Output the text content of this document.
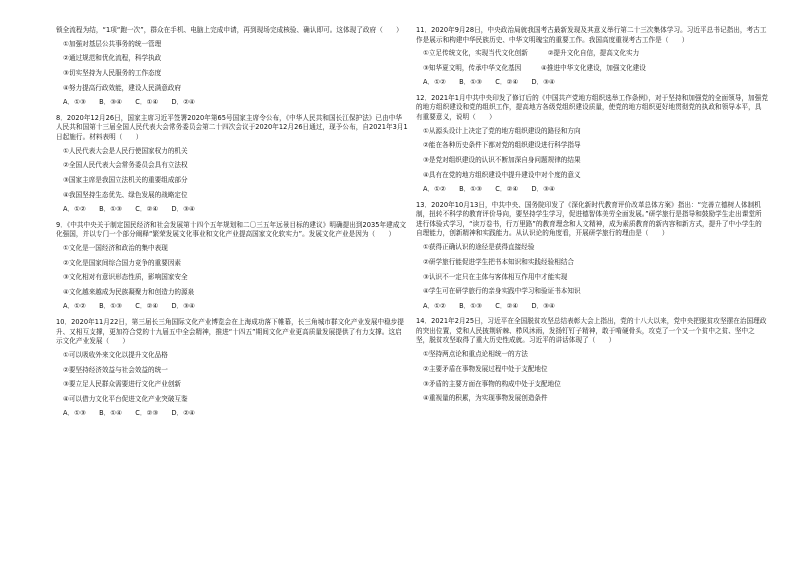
锁全流程为结，“1项“跑一次”，群众在手机、电脑上完成申请，再到现场完成核验、确认即可。这体现了政府（　　）

①加强对基层公共事务的统一管理

②通过规范和优化流程，科学执政

③切实坚持为人民服务的工作态度

④努力提高行政效能，建设人民满意政府

A．①③　　B．③④　　C．①④　　D．②④

8．2020年12月26日，国家主席习近平签署2020年第65号国家主席令公布，《中华人民共和国长江保护法》已由中华人民共和国第十三届全国人民代表大会常务委员会第二十四次会议于2020年12月26日通过，现予公布，自2021年3月1日起施行。材料表明（　　）

①人民代表大会是人民行使国家权力的机关

②全国人民代表大会常务委员会具有立法权

③国家主席是我国立法机关的重要组成部分

④我国坚持生态优先、绿色发展的战略定位

A．①②　　B．①③　　C．②④　　D．③④

9．《中共中央关于制定国民经济和社会发展第十四个五年规划和二〇三五年远景目标的建议》明确提出到2035年建成文化强国，并以专门一个部分阐释“繁荣发展文化事业和文化产业提高国家文化软实力”。发展文化产业是因为（　　）

①文化是一国经济和政治的集中表现

②文化是国家间综合国力竞争的重要因素

③文化相对有意识形态性质，影响国家安全

④文化越来越成为民族凝聚力和创造力的源泉

A．①②　　B．①③　　C．②④　　D．③④

10．2020年11月22日，第三届长三角国际文化产业博览会在上海成功落下帷幕，长三角城市群文化产业发展中稳步提升、又相互支撑，更加符合党的十九届五中全会精神，推进“十四五”期间文化产业更高质量发展提供了有力支撑。这启示文化产业发展（　　）

①可以吸收外来文化以提升文化品格

②要坚持经济效益与社会效益的统一

③要立足人民群众需要进行文化产业创新

④可以借力文化平台促进文化产业突破互鉴

A．①③　　B．①④　　C．②③　　D．②④

11．2020年9月28日，中央政治局就我国考古最新发现及其意义举行第二十三次集体学习。习近平总书记指出，考古工作是展示和构建中华民族历史、中华文明瑰宝的重要工作。我国高度重视考古工作是（　　）

①立足传统文化，实现当代文化创新　　　②提升文化自信，提高文化实力

③知华夏文明，传承中华文化基因　　　④推进中华文化建设，加强文化建设

A．①②　　B．①③　　C．②④　　D．③④

12．2021年1月中共中央印发了修订后的《中国共产党地方组织选举工作条例》，对于坚持和加强党的全面领导，加强党的地方组织建设和党的组织工作，提高地方各级党组织建设质量，使党的地方组织更好地贯彻党的执政和领导本平，具有重要意义，说明（　　）

①从源头设计上决定了党的地方组织建设的路径和方向

②能在各种历史条件下都对党的组织建设进行科学指导

③是党对组织建设的认识不断加深自身问题规律的结果

④具有在党的地方组织建设中提升建设中对个度的意义

A．①②　　B．①③　　C．②④　　D．③④

13．2020年10月13日，中共中央、国务院印发了《深化新时代教育评价改革总体方案》指出：“完善立德树人体制机制，扭转不科学的教育评价导向，要坚持学生学习，促进德智体美劳全面发展。”研学旅行是指导和鼓励学生走出课堂所进行体验式学习，“读万卷书，行万里路”的教育理念和人文精神，成为素质教育的新内容和新方式，提升了中小学生的自理能力，创新精神和实践能力。从认识论的角度看，开展研学旅行的理由是（　　）

①获得正确认识的途径是获得直接经验

②研学旅行能促进学生把书本知识和实践经验相结合

③认识不一定只在主体与客体相互作用中才能实现

④学生可在研学旅行的亲身实践中学习和验证书本知识

A．①②　　B．①③　　C．②④　　D．③④

14．2021年2月25日，习近平在全国脱贫攻坚总结表彰大会上指出，党的十八大以来，党中央把脱贫攻坚摆在治国理政的突出位置，党和人民披荆斩棘、栉风沐雨，发扬钉钉子精神，敢于啃硬骨头，攻克了一个又一个贫中之贫、坚中之坚，脱贫攻坚取得了重大历史性成就。习近平的讲话体现了（　　）

①坚持两点论和重点论相统一的方法

②主要矛盾在事物发展过程中处于支配地位

③矛盾的主要方面在事物的构成中处于支配地位

④重视量的积累，为实现事物发展创造条件
